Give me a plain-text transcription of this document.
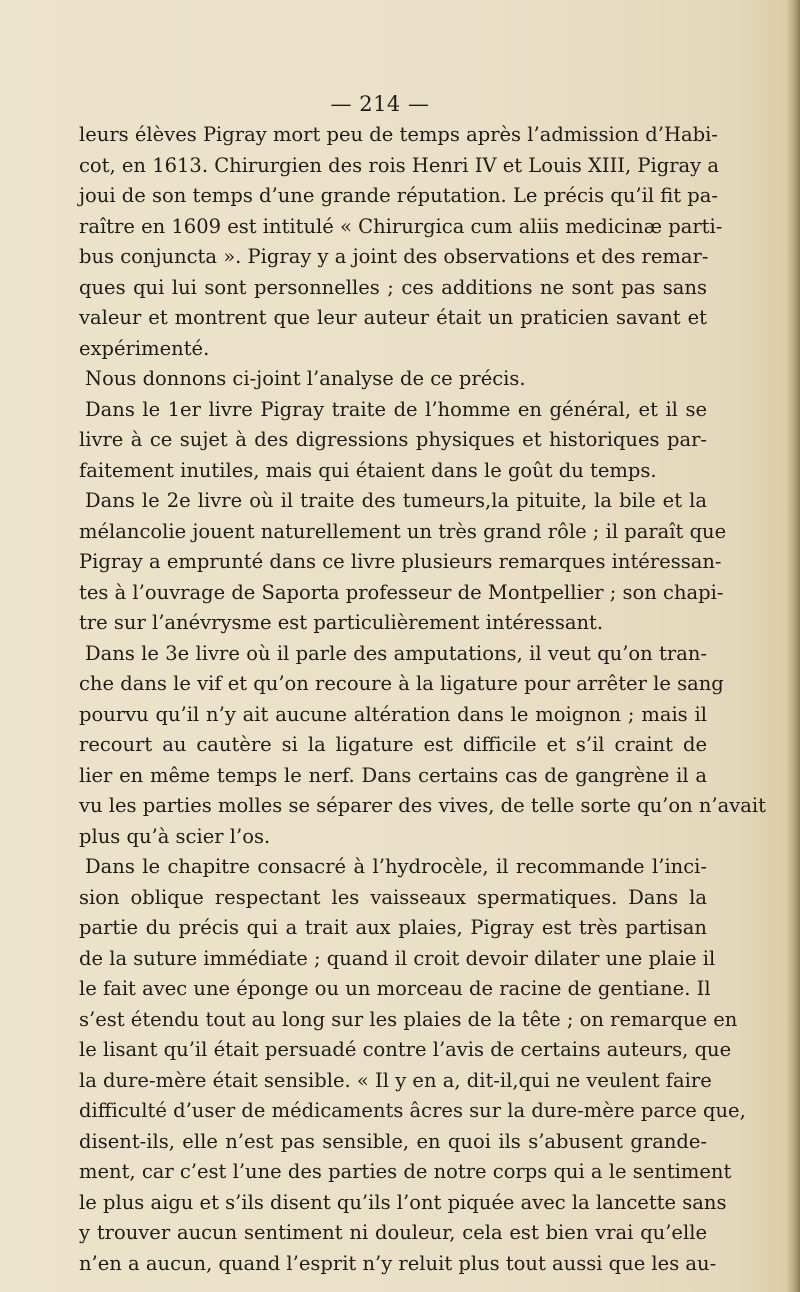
— 214 —
leurs élèves Pigray mort peu de temps après l’admission d’Habi-
cot, en 1613. Chirurgien des rois Henri IV et Louis XIII, Pigray a
joui de son temps d’une grande réputation. Le précis qu’il fit pa-
raître en 1609 est intitulé « Chirurgica cum aliis medicinæ parti-
bus conjuncta ». Pigray y a joint des observations et des remar-
ques qui lui sont personnelles ; ces additions ne sont pas sans
valeur et montrent que leur auteur était un praticien savant et
expérimenté.
Nous donnons ci-joint l’analyse de ce précis.
Dans le 1er livre Pigray traite de l’homme en général, et il se
livre à ce sujet à des digressions physiques et historiques par-
faitement inutiles, mais qui étaient dans le goût du temps.
Dans le 2e livre où il traite des tumeurs,la pituite, la bile et la
mélancolie jouent naturellement un très grand rôle ; il paraît que
Pigray a emprunté dans ce livre plusieurs remarques intéressan-
tes à l’ouvrage de Saporta professeur de Montpellier ; son chapi-
tre sur l’anévrysme est particulièrement intéressant.
Dans le 3e livre où il parle des amputations, il veut qu’on tran-
che dans le vif et qu’on recoure à la ligature pour arrêter le sang
pourvu qu’il n’y ait aucune altération dans le moignon ; mais il
recourt au cautère si la ligature est difficile et s’il craint de
lier en même temps le nerf. Dans certains cas de gangrène il a
vu les parties molles se séparer des vives, de telle sorte qu’on n’avait
plus qu’à scier l’os.
Dans le chapitre consacré à l’hydrocèle, il recommande l’inci-
sion oblique respectant les vaisseaux spermatiques. Dans la
partie du précis qui a trait aux plaies, Pigray est très partisan
de la suture immédiate ; quand il croit devoir dilater une plaie il
le fait avec une éponge ou un morceau de racine de gentiane. Il
s’est étendu tout au long sur les plaies de la tête ; on remarque en
le lisant qu’il était persuadé contre l’avis de certains auteurs, que
la dure-mère était sensible. « Il y en a, dit-il,qui ne veulent faire
difficulté d’user de médicaments âcres sur la dure-mère parce que,
disent-ils, elle n’est pas sensible, en quoi ils s’abusent grande-
ment, car c’est l’une des parties de notre corps qui a le sentiment
le plus aigu et s’ils disent qu’ils l’ont piquée avec la lancette sans
y trouver aucun sentiment ni douleur, cela est bien vrai qu’elle
n’en a aucun, quand l’esprit n’y reluit plus tout aussi que les au-
